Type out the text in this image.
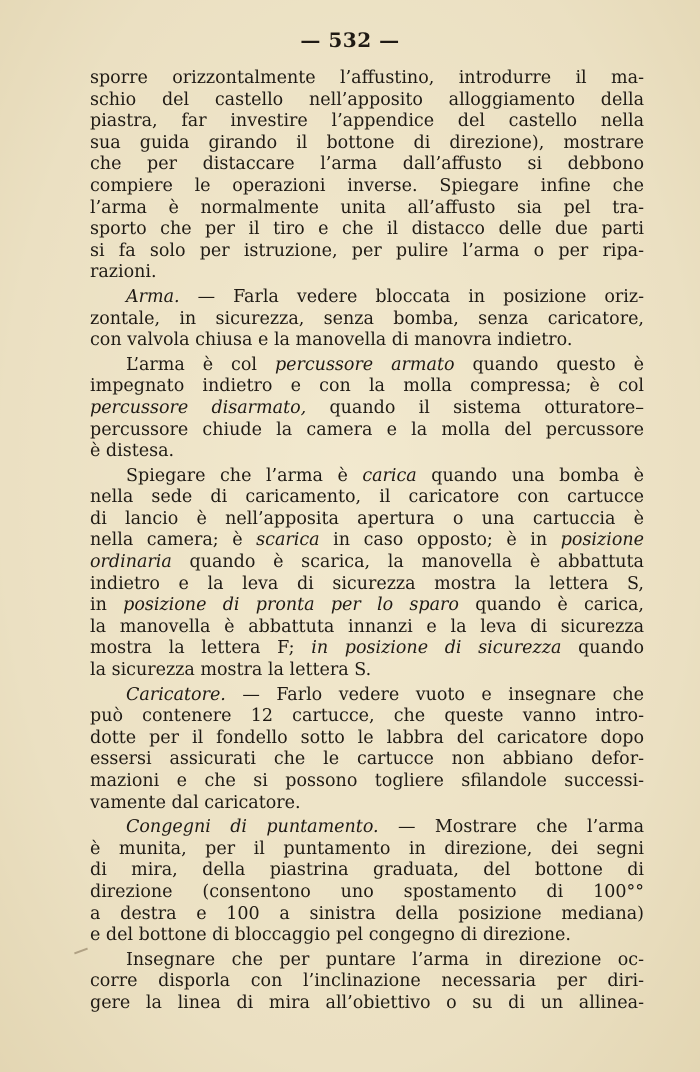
— 532 —
sporre orizzontalmente l’affustino, introdurre il ma-
schio del castello nell’apposito alloggiamento della
piastra, far investire l’appendice del castello nella
sua guida girando il bottone di direzione), mostrare
che per distaccare l’arma dall’affusto si debbono
compiere le operazioni inverse. Spiegare infine che
l’arma è normalmente unita all’affusto sia pel tra-
sporto che per il tiro e che il distacco delle due parti
si fa solo per istruzione, per pulire l’arma o per ripa-
razioni.
Arma. — Farla vedere bloccata in posizione oriz-
zontale, in sicurezza, senza bomba, senza caricatore,
con valvola chiusa e la manovella di manovra indietro.
L’arma è col percussore armato quando questo è
impegnato indietro e con la molla compressa; è col
percussore disarmato, quando il sistema otturatore–
percussore chiude la camera e la molla del percussore
è distesa.
Spiegare che l’arma è carica quando una bomba è
nella sede di caricamento, il caricatore con cartucce
di lancio è nell’apposita apertura o una cartuccia è
nella camera; è scarica in caso opposto; è in posizione
ordinaria quando è scarica, la manovella è abbattuta
indietro e la leva di sicurezza mostra la lettera S,
in posizione di pronta per lo sparo quando è carica,
la manovella è abbattuta innanzi e la leva di sicurezza
mostra la lettera F; in posizione di sicurezza quando
la sicurezza mostra la lettera S.
Caricatore. — Farlo vedere vuoto e insegnare che
può contenere 12 cartucce, che queste vanno intro-
dotte per il fondello sotto le labbra del caricatore dopo
essersi assicurati che le cartucce non abbiano defor-
mazioni e che si possono togliere sfilandole successi-
vamente dal caricatore.
Congegni di puntamento. — Mostrare che l’arma
è munita, per il puntamento in direzione, dei segni
di mira, della piastrina graduata, del bottone di
direzione (consentono uno spostamento di 100°°
a destra e 100 a sinistra della posizione mediana)
e del bottone di bloccaggio pel congegno di direzione.
Insegnare che per puntare l’arma in direzione oc-
corre disporla con l’inclinazione necessaria per diri-
gere la linea di mira all’obiettivo o su di un allinea-
